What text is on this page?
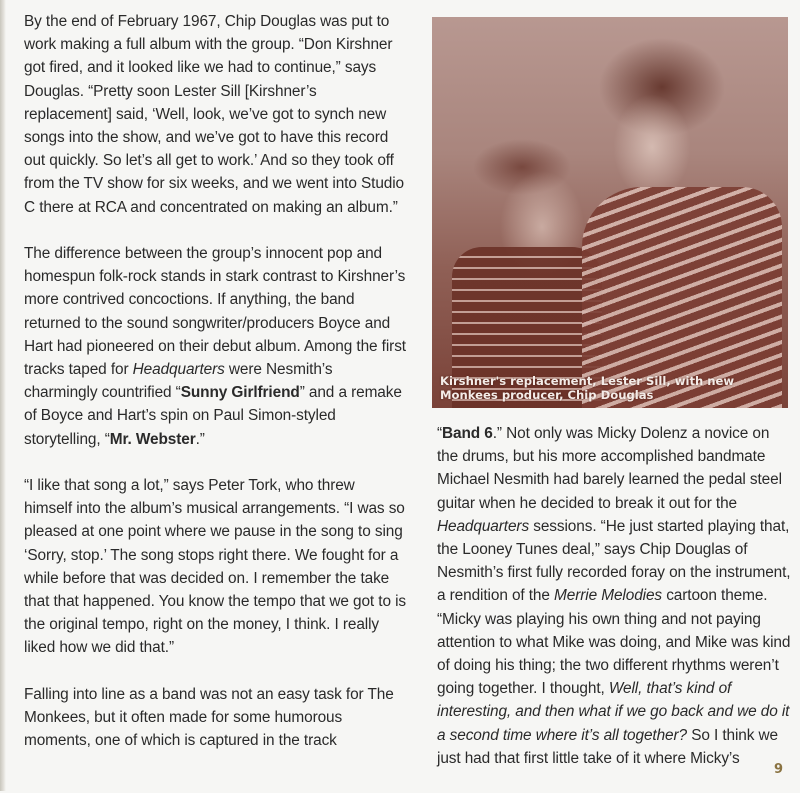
By the end of February 1967, Chip Douglas was put to work making a full album with the group. “Don Kirshner got fired, and it looked like we had to continue,” says Douglas. “Pretty soon Lester Sill [Kirshner’s replacement] said, ‘Well, look, we’ve got to synch new songs into the show, and we’ve got to have this record out quickly. So let’s all get to work.’ And so they took off from the TV show for six weeks, and we went into Studio C there at RCA and concentrated on making an album.”

The difference between the group’s innocent pop and homespun folk-rock stands in stark contrast to Kirshner’s more contrived concoctions. If anything, the band returned to the sound songwriter/producers Boyce and Hart had pioneered on their debut album. Among the first tracks taped for Headquarters were Nesmith’s charmingly countrified “Sunny Girlfriend” and a remake of Boyce and Hart’s spin on Paul Simon-styled storytelling, “Mr. Webster.”

“I like that song a lot,” says Peter Tork, who threw himself into the album’s musical arrangements. “I was so pleased at one point where we pause in the song to sing ‘Sorry, stop.’ The song stops right there. We fought for a while before that was decided on. I remember the take that that happened. You know the tempo that we got to is the original tempo, right on the money, I think. I really liked how we did that.”

Falling into line as a band was not an easy task for The Monkees, but it often made for some humorous moments, one of which is captured in the track

Kirshner's replacement, Lester Sill, with new Monkees producer, Chip Douglas

“Band 6.” Not only was Micky Dolenz a novice on the drums, but his more accomplished bandmate Michael Nesmith had barely learned the pedal steel guitar when he decided to break it out for the Headquarters sessions. “He just started playing that, the Looney Tunes deal,” says Chip Douglas of Nesmith’s first fully recorded foray on the instrument, a rendition of the Merrie Melodies cartoon theme. “Micky was playing his own thing and not paying attention to what Mike was doing, and Mike was kind of doing his thing; the two different rhythms weren’t going together. I thought, Well, that’s kind of interesting, and then what if we go back and we do it a second time where it’s all together? So I think we just had that first little take of it where Micky’s

9
